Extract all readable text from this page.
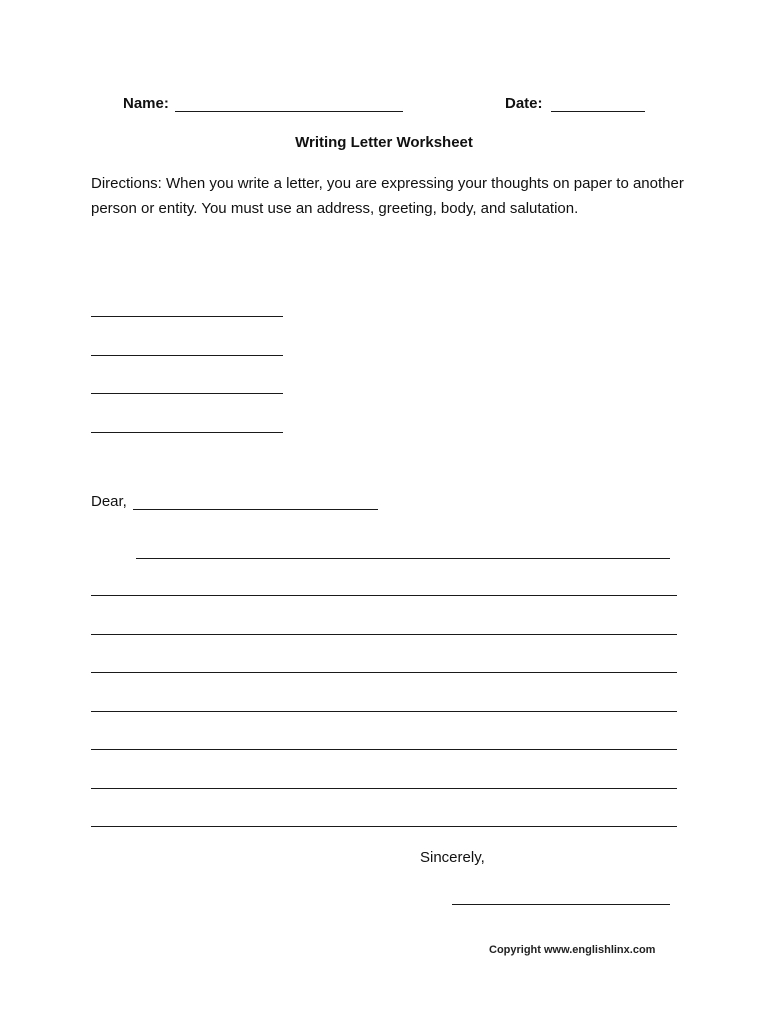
Name:	Date:
Writing Letter Worksheet
Directions: When you write a letter, you are expressing your thoughts on paper to another person or entity. You must use an address, greeting, body, and salutation.
Dear,
Sincerely,
Copyright www.englishlinx.com
